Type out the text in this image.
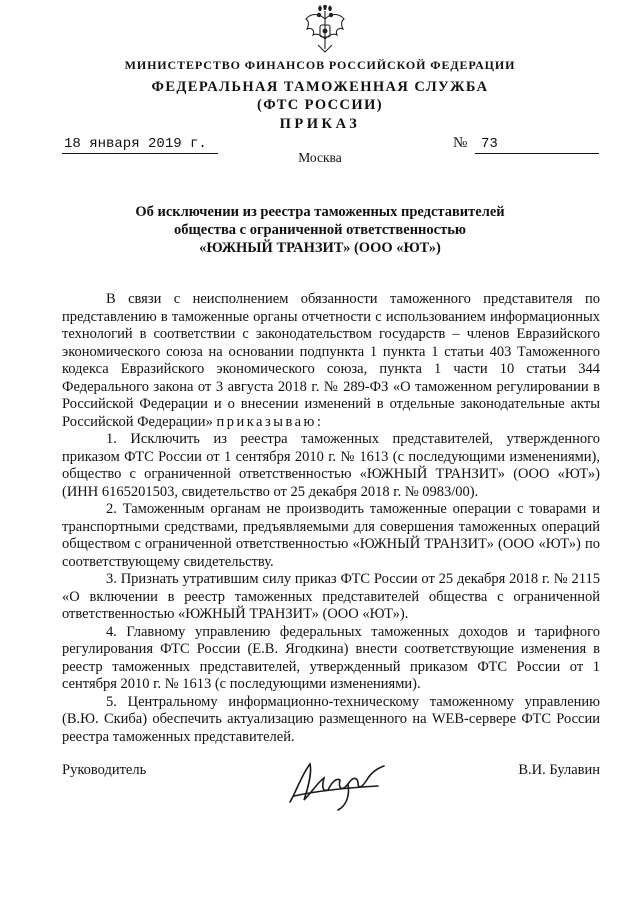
МИНИСТЕРСТВО ФИНАНСОВ РОССИЙСКОЙ ФЕДЕРАЦИИ
ФЕДЕРАЛЬНАЯ ТАМОЖЕННАЯ СЛУЖБА
(ФТС РОССИИ)
ПРИКАЗ
18 января 2019 г.	№ 73
Москва
Об исключении из реестра таможенных представителей
общества с ограниченной ответственностью
«ЮЖНЫЙ ТРАНЗИТ» (ООО «ЮТ»)

В связи с неисполнением обязанности таможенного представителя по представлению в таможенные органы отчетности с использованием информационных технологий в соответствии с законодательством государств – членов Евразийского экономического союза на основании подпункта 1 пункта 1 статьи 403 Таможенного кодекса Евразийского экономического союза, пункта 1 части 10 статьи 344 Федерального закона от 3 августа 2018 г. № 289-ФЗ «О таможенном регулировании в Российской Федерации и о внесении изменений в отдельные законодательные акты Российской Федерации» приказываю:

1. Исключить из реестра таможенных представителей, утвержденного приказом ФТС России от 1 сентября 2010 г. № 1613 (с последующими изменениями), общество с ограниченной ответственностью «ЮЖНЫЙ ТРАНЗИТ» (ООО «ЮТ») (ИНН 6165201503, свидетельство от 25 декабря 2018 г. № 0983/00).

2. Таможенным органам не производить таможенные операции с товарами и транспортными средствами, предъявляемыми для совершения таможенных операций обществом с ограниченной ответственностью «ЮЖНЫЙ ТРАНЗИТ» (ООО «ЮТ») по соответствующему свидетельству.

3. Признать утратившим силу приказ ФТС России от 25 декабря 2018 г. № 2115 «О включении в реестр таможенных представителей общества с ограниченной ответственностью «ЮЖНЫЙ ТРАНЗИТ» (ООО «ЮТ»).

4. Главному управлению федеральных таможенных доходов и тарифного регулирования ФТС России (Е.В. Ягодкина) внести соответствующие изменения в реестр таможенных представителей, утвержденный приказом ФТС России от 1 сентября 2010 г. № 1613 (с последующими изменениями).

5. Центральному информационно-техническому таможенному управлению (В.Ю. Скиба) обеспечить актуализацию размещенного на WEB-сервере ФТС России реестра таможенных представителей.

Руководитель	В.И. Булавин
